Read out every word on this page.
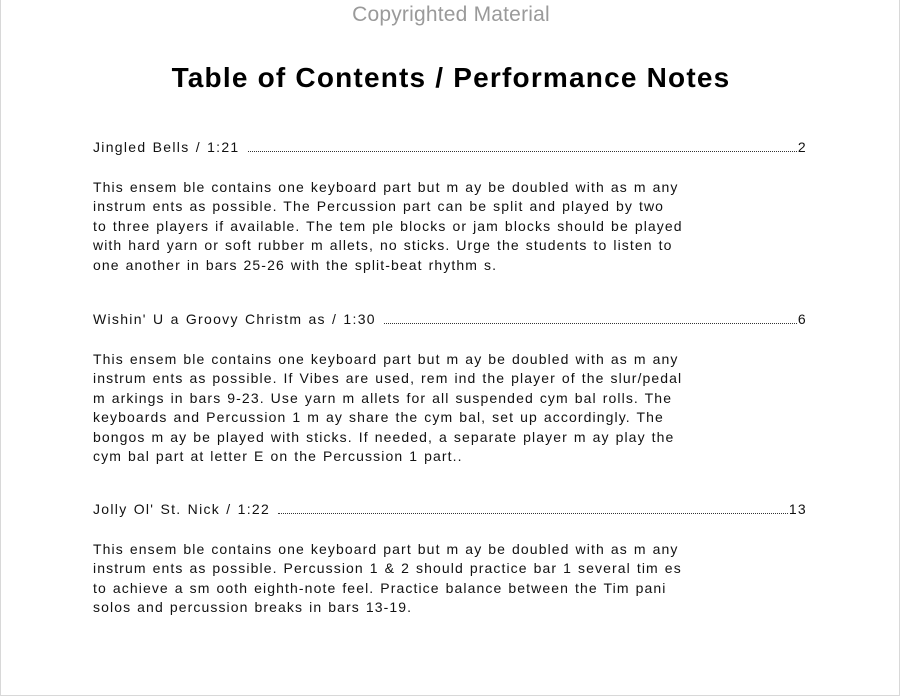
Copyrighted Material
Table of Contents / Performance Notes
Jingled Bells / 1:21	2
This ensem ble contains one keyboard part but m ay be doubled with as m any
instrum ents as possible. The Percussion part can be split and played by two
to three players if available. The tem ple blocks or jam blocks should be played
with hard yarn or soft rubber m allets, no sticks. Urge the students to listen to
one another in bars 25-26 with the split-beat rhythm s.
Wishin' U a Groovy Christm as / 1:30	6
This ensem ble contains one keyboard part but m ay be doubled with as m any
instrum ents as possible. If Vibes are used, rem ind the player of the slur/pedal
m arkings in bars 9-23. Use yarn m allets for all suspended cym bal rolls. The
keyboards and Percussion 1 m ay share the cym bal, set up accordingly. The
bongos m ay be played with sticks. If needed, a separate player m ay play the
cym bal part at letter E on the Percussion 1 part..
Jolly Ol' St. Nick / 1:22	13
This ensem ble contains one keyboard part but m ay be doubled with as m any
instrum ents as possible. Percussion 1 & 2 should practice bar 1 several tim es
to achieve a sm ooth eighth-note feel. Practice balance between the Tim pani
solos and percussion breaks in bars 13-19.
